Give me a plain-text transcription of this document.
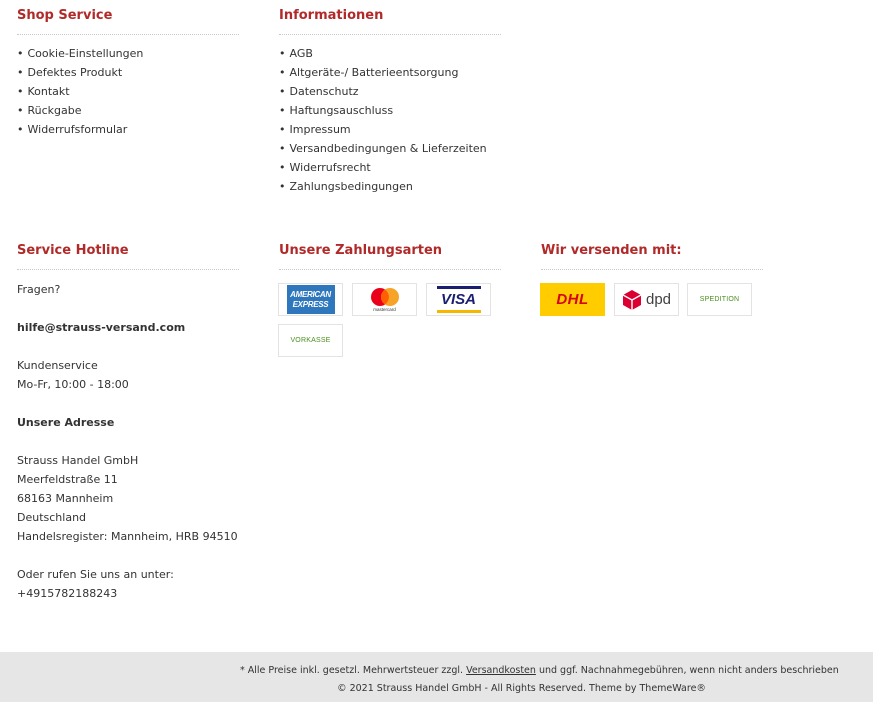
Shop Service
• Cookie-Einstellungen
• Defektes Produkt
• Kontakt
• Rückgabe
• Widerrufsformular
Informationen
• AGB
• Altgeräte-/ Batterieentsorgung
• Datenschutz
• Haftungsauschluss
• Impressum
• Versandbedingungen & Lieferzeiten
• Widerrufsrecht
• Zahlungsbedingungen
Service Hotline

Fragen?

hilfe@strauss-versand.com

Kundenservice

Mo-Fr, 10:00 - 18:00

Unsere Adresse

Strauss Handel GmbH

Meerfeldstraße 11

68163 Mannheim

Deutschland

Handelsregister: Mannheim, HRB 94510

Oder rufen Sie uns an unter:

+4915782188243

Unsere Zahlungsarten
AMERICAN
EXPRESS
mastercard
VISA
VORKASSE
Wir versenden mit:
DHL	dpd	SPEDITION

* Alle Preise inkl. gesetzl. Mehrwertsteuer zzgl. Versandkosten und ggf. Nachnahmegebühren, wenn nicht anders beschrieben

© 2021 Strauss Handel GmbH - All Rights Reserved. Theme by ThemeWare®
